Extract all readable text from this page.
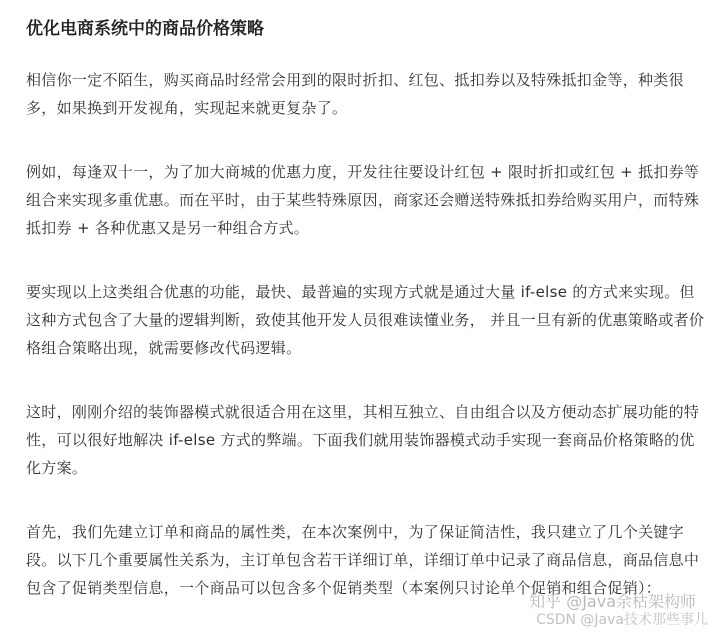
优化电商系统中的商品价格策略

相信你一定不陌生，购买商品时经常会用到的限时折扣、红包、抵扣券以及特殊抵扣金等，种类很多，如果换到开发视角，实现起来就更复杂了。

例如，每逢双十一，为了加大商城的优惠力度，开发往往要设计红包 + 限时折扣或红包 + 抵扣券等组合来实现多重优惠。而在平时，由于某些特殊原因，商家还会赠送特殊抵扣券给购买用户，而特殊抵扣券 + 各种优惠又是另一种组合方式。

要实现以上这类组合优惠的功能，最快、最普遍的实现方式就是通过大量 if-else 的方式来实现。但这种方式包含了大量的逻辑判断，致使其他开发人员很难读懂业务， 并且一旦有新的优惠策略或者价格组合策略出现，就需要修改代码逻辑。

这时，刚刚介绍的装饰器模式就很适合用在这里，其相互独立、自由组合以及方便动态扩展功能的特性，可以很好地解决 if-else 方式的弊端。下面我们就用装饰器模式动手实现一套商品价格策略的优化方案。

首先，我们先建立订单和商品的属性类，在本次案例中，为了保证简洁性，我只建立了几个关键字段。以下几个重要属性关系为，主订单包含若干详细订单，详细订单中记录了商品信息，商品信息中包含了促销类型信息，一个商品可以包含多个促销类型（本案例只讨论单个促销和组合促销）：

知乎 @Java余枯架构师
CSDN @Java技术那些事儿
